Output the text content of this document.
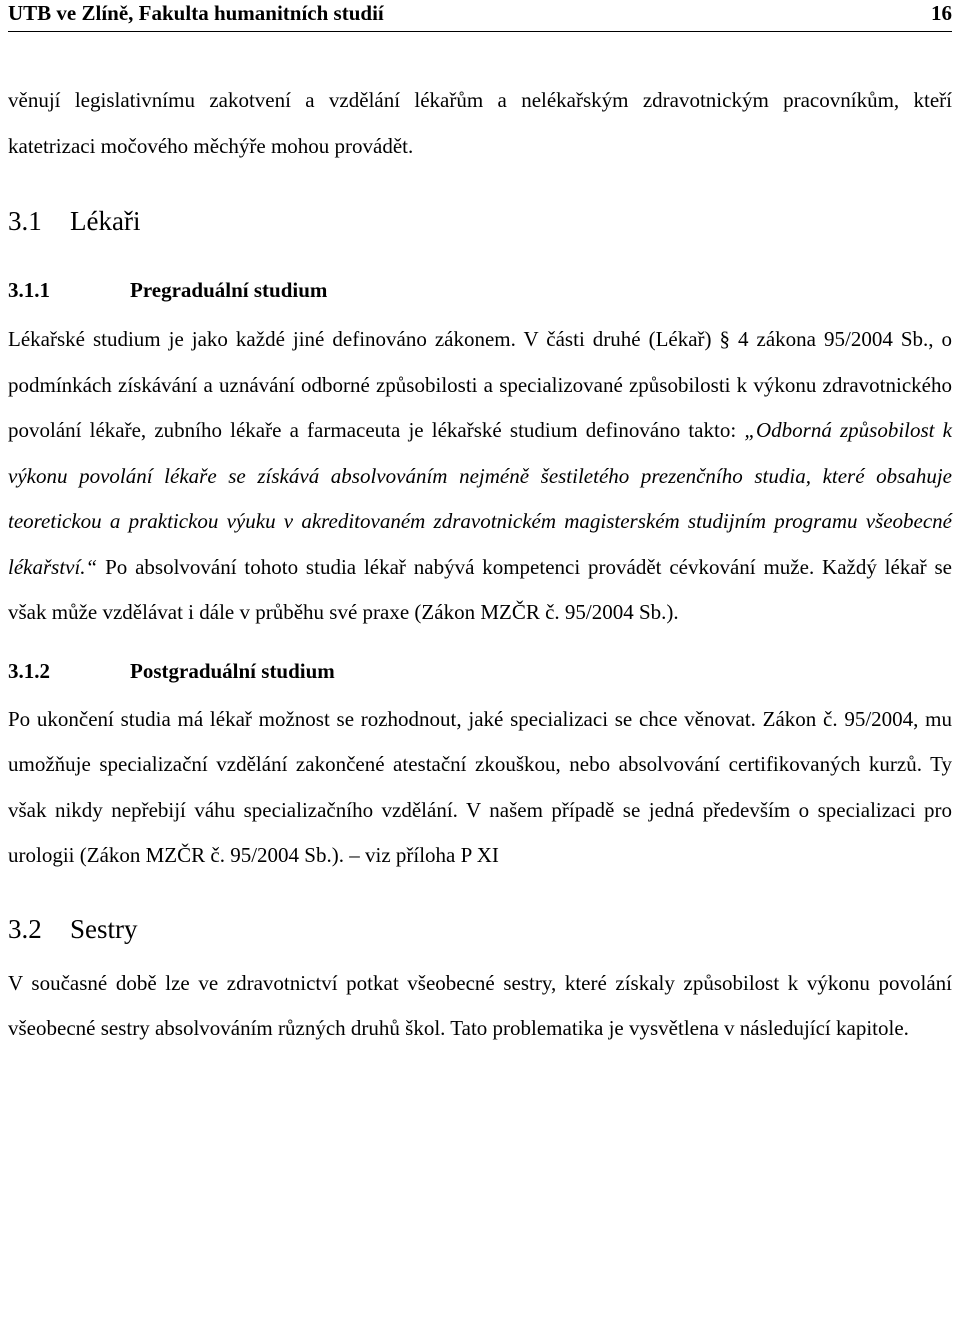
UTB ve Zlíně, Fakulta humanitních studií	16

věnují legislativnímu zakotvení a vzdělání lékařům a nelékařským zdravotnickým pracovníkům, kteří katetrizaci močového měchýře mohou provádět.

3.1 Lékaři
3.1.1	Pregraduální studium

Lékařské studium je jako každé jiné definováno zákonem. V části druhé (Lékař) § 4 zákona 95/2004 Sb., o podmínkách získávání a uznávání odborné způsobilosti a specializované způsobilosti k výkonu zdravotnického povolání lékaře, zubního lékaře a farmaceuta je lékařské studium definováno takto: „Odborná způsobilost k výkonu povolání lékaře se získává absolvováním nejméně šestiletého prezenčního studia, které obsahuje teoretickou a praktickou výuku v akreditovaném zdravotnickém magisterském studijním programu všeobecné lékařství.“ Po absolvování tohoto studia lékař nabývá kompetenci provádět cévkování muže. Každý lékař se však může vzdělávat i dále v průběhu své praxe (Zákon MZČR č. 95/2004 Sb.).

3.1.2	Postgraduální studium

Po ukončení studia má lékař možnost se rozhodnout, jaké specializaci se chce věnovat. Zákon č. 95/2004, mu umožňuje specializační vzdělání zakončené atestační zkouškou, nebo absolvování certifikovaných kurzů. Ty však nikdy nepřebijí váhu specializačního vzdělání. V našem případě se jedná především o specializaci pro urologii (Zákon MZČR č. 95/2004 Sb.). – viz příloha P XI

3.2 Sestry

V současné době lze ve zdravotnictví potkat všeobecné sestry, které získaly způsobilost k výkonu povolání všeobecné sestry absolvováním různých druhů škol. Tato problematika je vysvětlena v následující kapitole.
